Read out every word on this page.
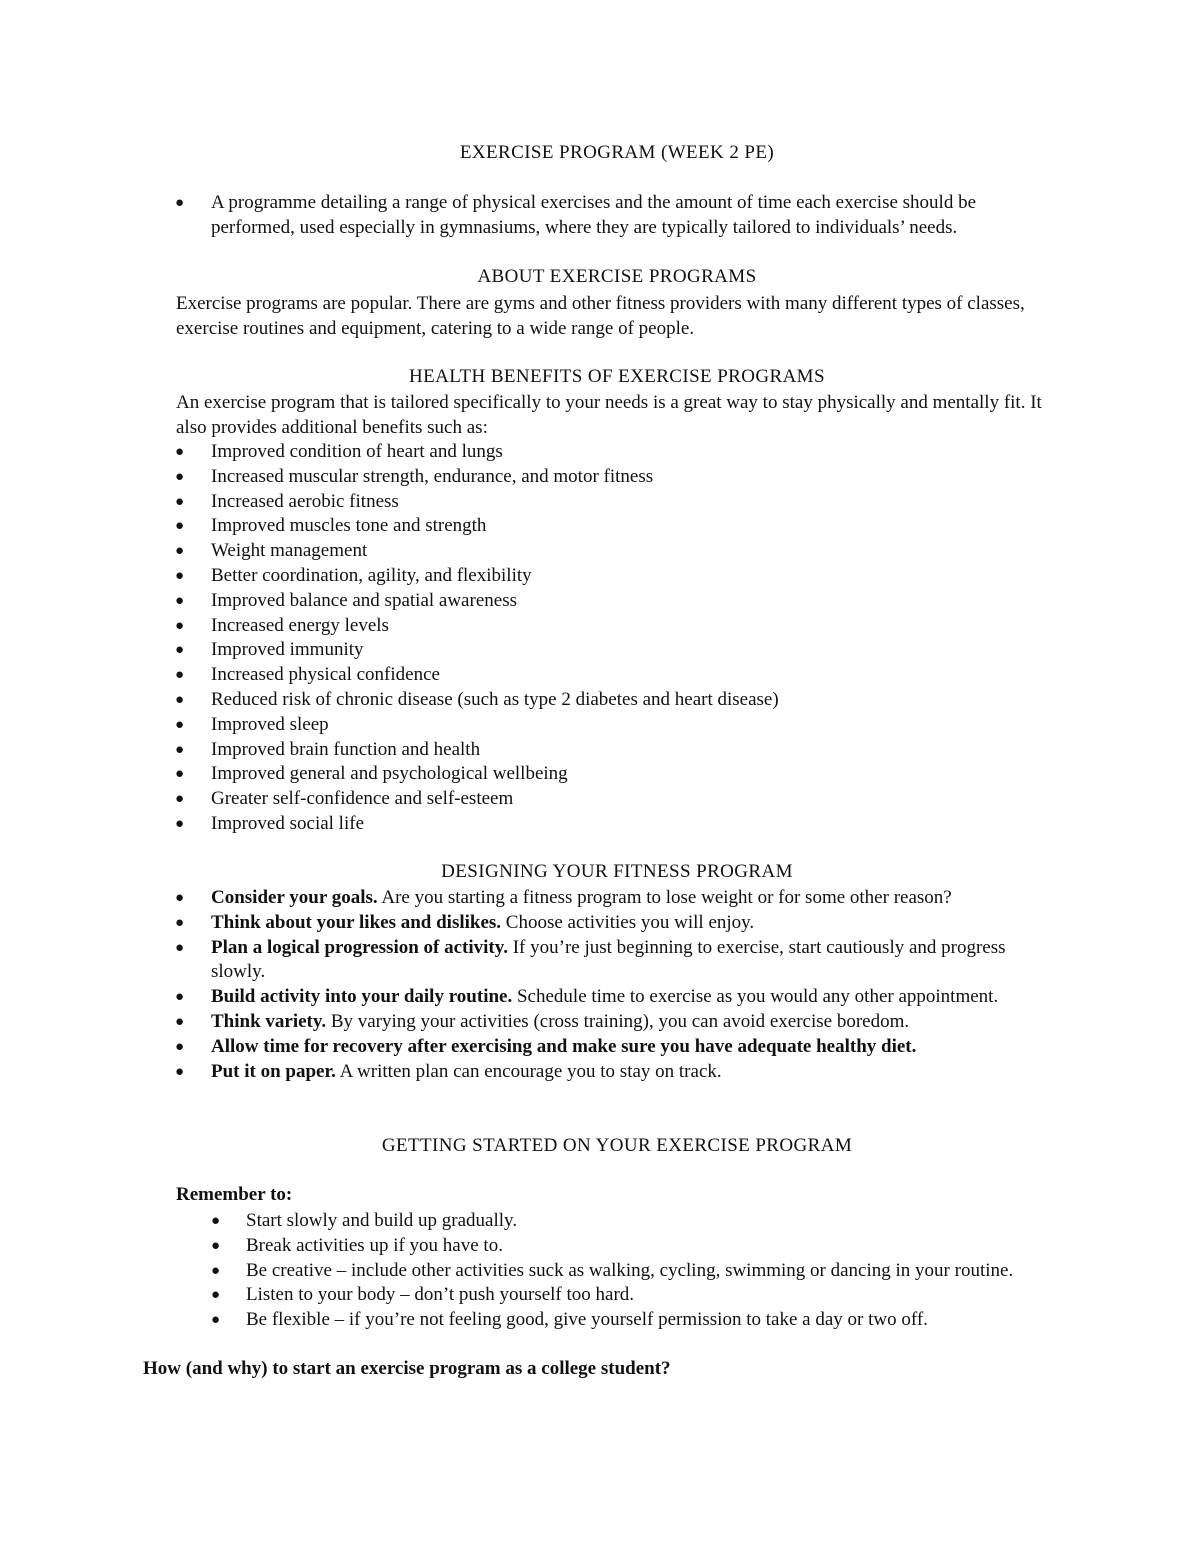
EXERCISE PROGRAM (WEEK 2 PE)
● A programme detailing a range of physical exercises and the amount of time each exercise should be performed, used especially in gymnasiums, where they are typically tailored to individuals’ needs.
ABOUT EXERCISE PROGRAMS

Exercise programs are popular. There are gyms and other fitness providers with many different types of classes, exercise routines and equipment, catering to a wide range of people.

HEALTH BENEFITS OF EXERCISE PROGRAMS

An exercise program that is tailored specifically to your needs is a great way to stay physically and mentally fit. It also provides additional benefits such as:

● Improved condition of heart and lungs
● Increased muscular strength, endurance, and motor fitness
● Increased aerobic fitness
● Improved muscles tone and strength
● Weight management
● Better coordination, agility, and flexibility
● Improved balance and spatial awareness
● Increased energy levels
● Improved immunity
● Increased physical confidence
● Reduced risk of chronic disease (such as type 2 diabetes and heart disease)
● Improved sleep
● Improved brain function and health
● Improved general and psychological wellbeing
● Greater self-confidence and self-esteem
● Improved social life
DESIGNING YOUR FITNESS PROGRAM
● Consider your goals. Are you starting a fitness program to lose weight or for some other reason?
● Think about your likes and dislikes. Choose activities you will enjoy.
● Plan a logical progression of activity. If you’re just beginning to exercise, start cautiously and progress slowly.
● Build activity into your daily routine. Schedule time to exercise as you would any other appointment.
● Think variety. By varying your activities (cross training), you can avoid exercise boredom.
● Allow time for recovery after exercising and make sure you have adequate healthy diet.
● Put it on paper. A written plan can encourage you to stay on track.
GETTING STARTED ON YOUR EXERCISE PROGRAM

Remember to:

● Start slowly and build up gradually.
● Break activities up if you have to.
● Be creative – include other activities suck as walking, cycling, swimming or dancing in your routine.
● Listen to your body – don’t push yourself too hard.
● Be flexible – if you’re not feeling good, give yourself permission to take a day or two off.

How (and why) to start an exercise program as a college student?
